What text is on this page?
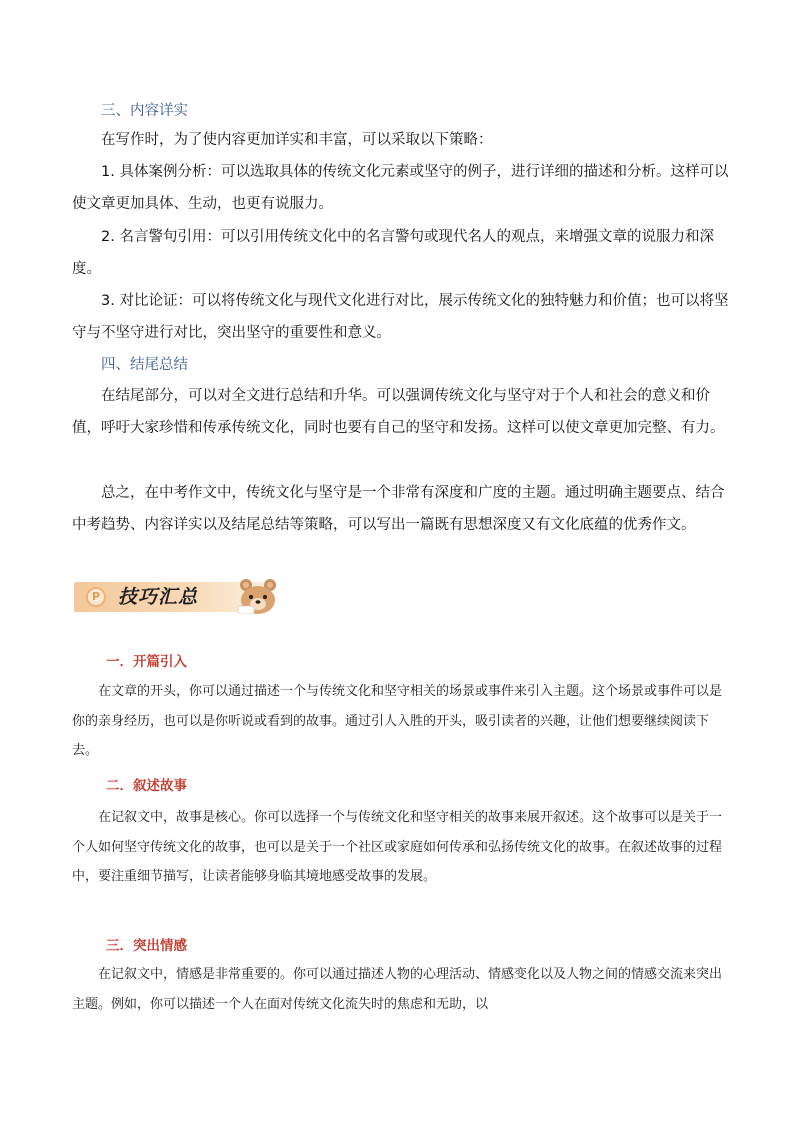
三、内容详实

在写作时，为了使内容更加详实和丰富，可以采取以下策略：

1. 具体案例分析：可以选取具体的传统文化元素或坚守的例子，进行详细的描述和分析。这样可以使文章更加具体、生动，也更有说服力。

2. 名言警句引用：可以引用传统文化中的名言警句或现代名人的观点，来增强文章的说服力和深度。

3. 对比论证：可以将传统文化与现代文化进行对比，展示传统文化的独特魅力和价值；也可以将坚守与不坚守进行对比，突出坚守的重要性和意义。

四、结尾总结

在结尾部分，可以对全文进行总结和升华。可以强调传统文化与坚守对于个人和社会的意义和价值，呼吁大家珍惜和传承传统文化，同时也要有自己的坚守和发扬。这样可以使文章更加完整、有力。

总之，在中考作文中，传统文化与坚守是一个非常有深度和广度的主题。通过明确主题要点、结合中考趋势、内容详实以及结尾总结等策略，可以写出一篇既有思想深度又有文化底蕴的优秀作文。

P 技巧汇总

一．开篇引入

在文章的开头，你可以通过描述一个与传统文化和坚守相关的场景或事件来引入主题。这个场景或事件可以是你的亲身经历，也可以是你听说或看到的故事。通过引人入胜的开头，吸引读者的兴趣，让他们想要继续阅读下去。

二．叙述故事

在记叙文中，故事是核心。你可以选择一个与传统文化和坚守相关的故事来展开叙述。这个故事可以是关于一个人如何坚守传统文化的故事，也可以是关于一个社区或家庭如何传承和弘扬传统文化的故事。在叙述故事的过程中，要注重细节描写，让读者能够身临其境地感受故事的发展。

三．突出情感

在记叙文中，情感是非常重要的。你可以通过描述人物的心理活动、情感变化以及人物之间的情感交流来突出主题。例如，你可以描述一个人在面对传统文化流失时的焦虑和无助，以
